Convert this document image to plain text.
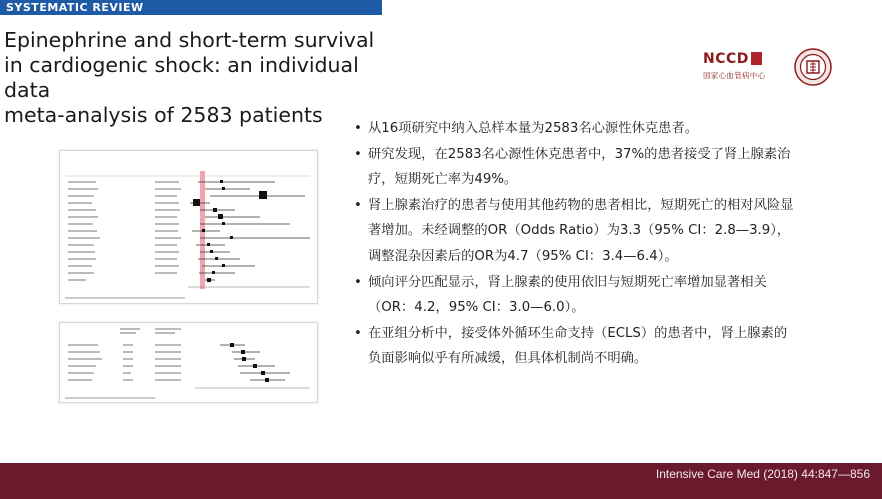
SYSTEMATIC REVIEW
Epinephrine and short-term survival
in cardiogenic shock: an individual data
meta-analysis of 2583 patients
NCCD
国家心血管病中心
• 从16项研究中纳入总样本量为2583名心源性休克患者。
• 研究发现，在2583名心源性休克患者中，37%的患者接受了肾上腺素治疗，短期死亡率为49%。
• 肾上腺素治疗的患者与使用其他药物的患者相比，短期死亡的相对风险显著增加。未经调整的OR（Odds Ratio）为3.3（95% CI：2.8—3.9），调整混杂因素后的OR为4.7（95% CI：3.4—6.4）。
• 倾向评分匹配显示，肾上腺素的使用依旧与短期死亡率增加显著相关（OR：4.2，95% CI：3.0—6.0）。
• 在亚组分析中，接受体外循环生命支持（ECLS）的患者中，肾上腺素的负面影响似乎有所减缓，但具体机制尚不明确。
Intensive Care Med (2018) 44:847—856
